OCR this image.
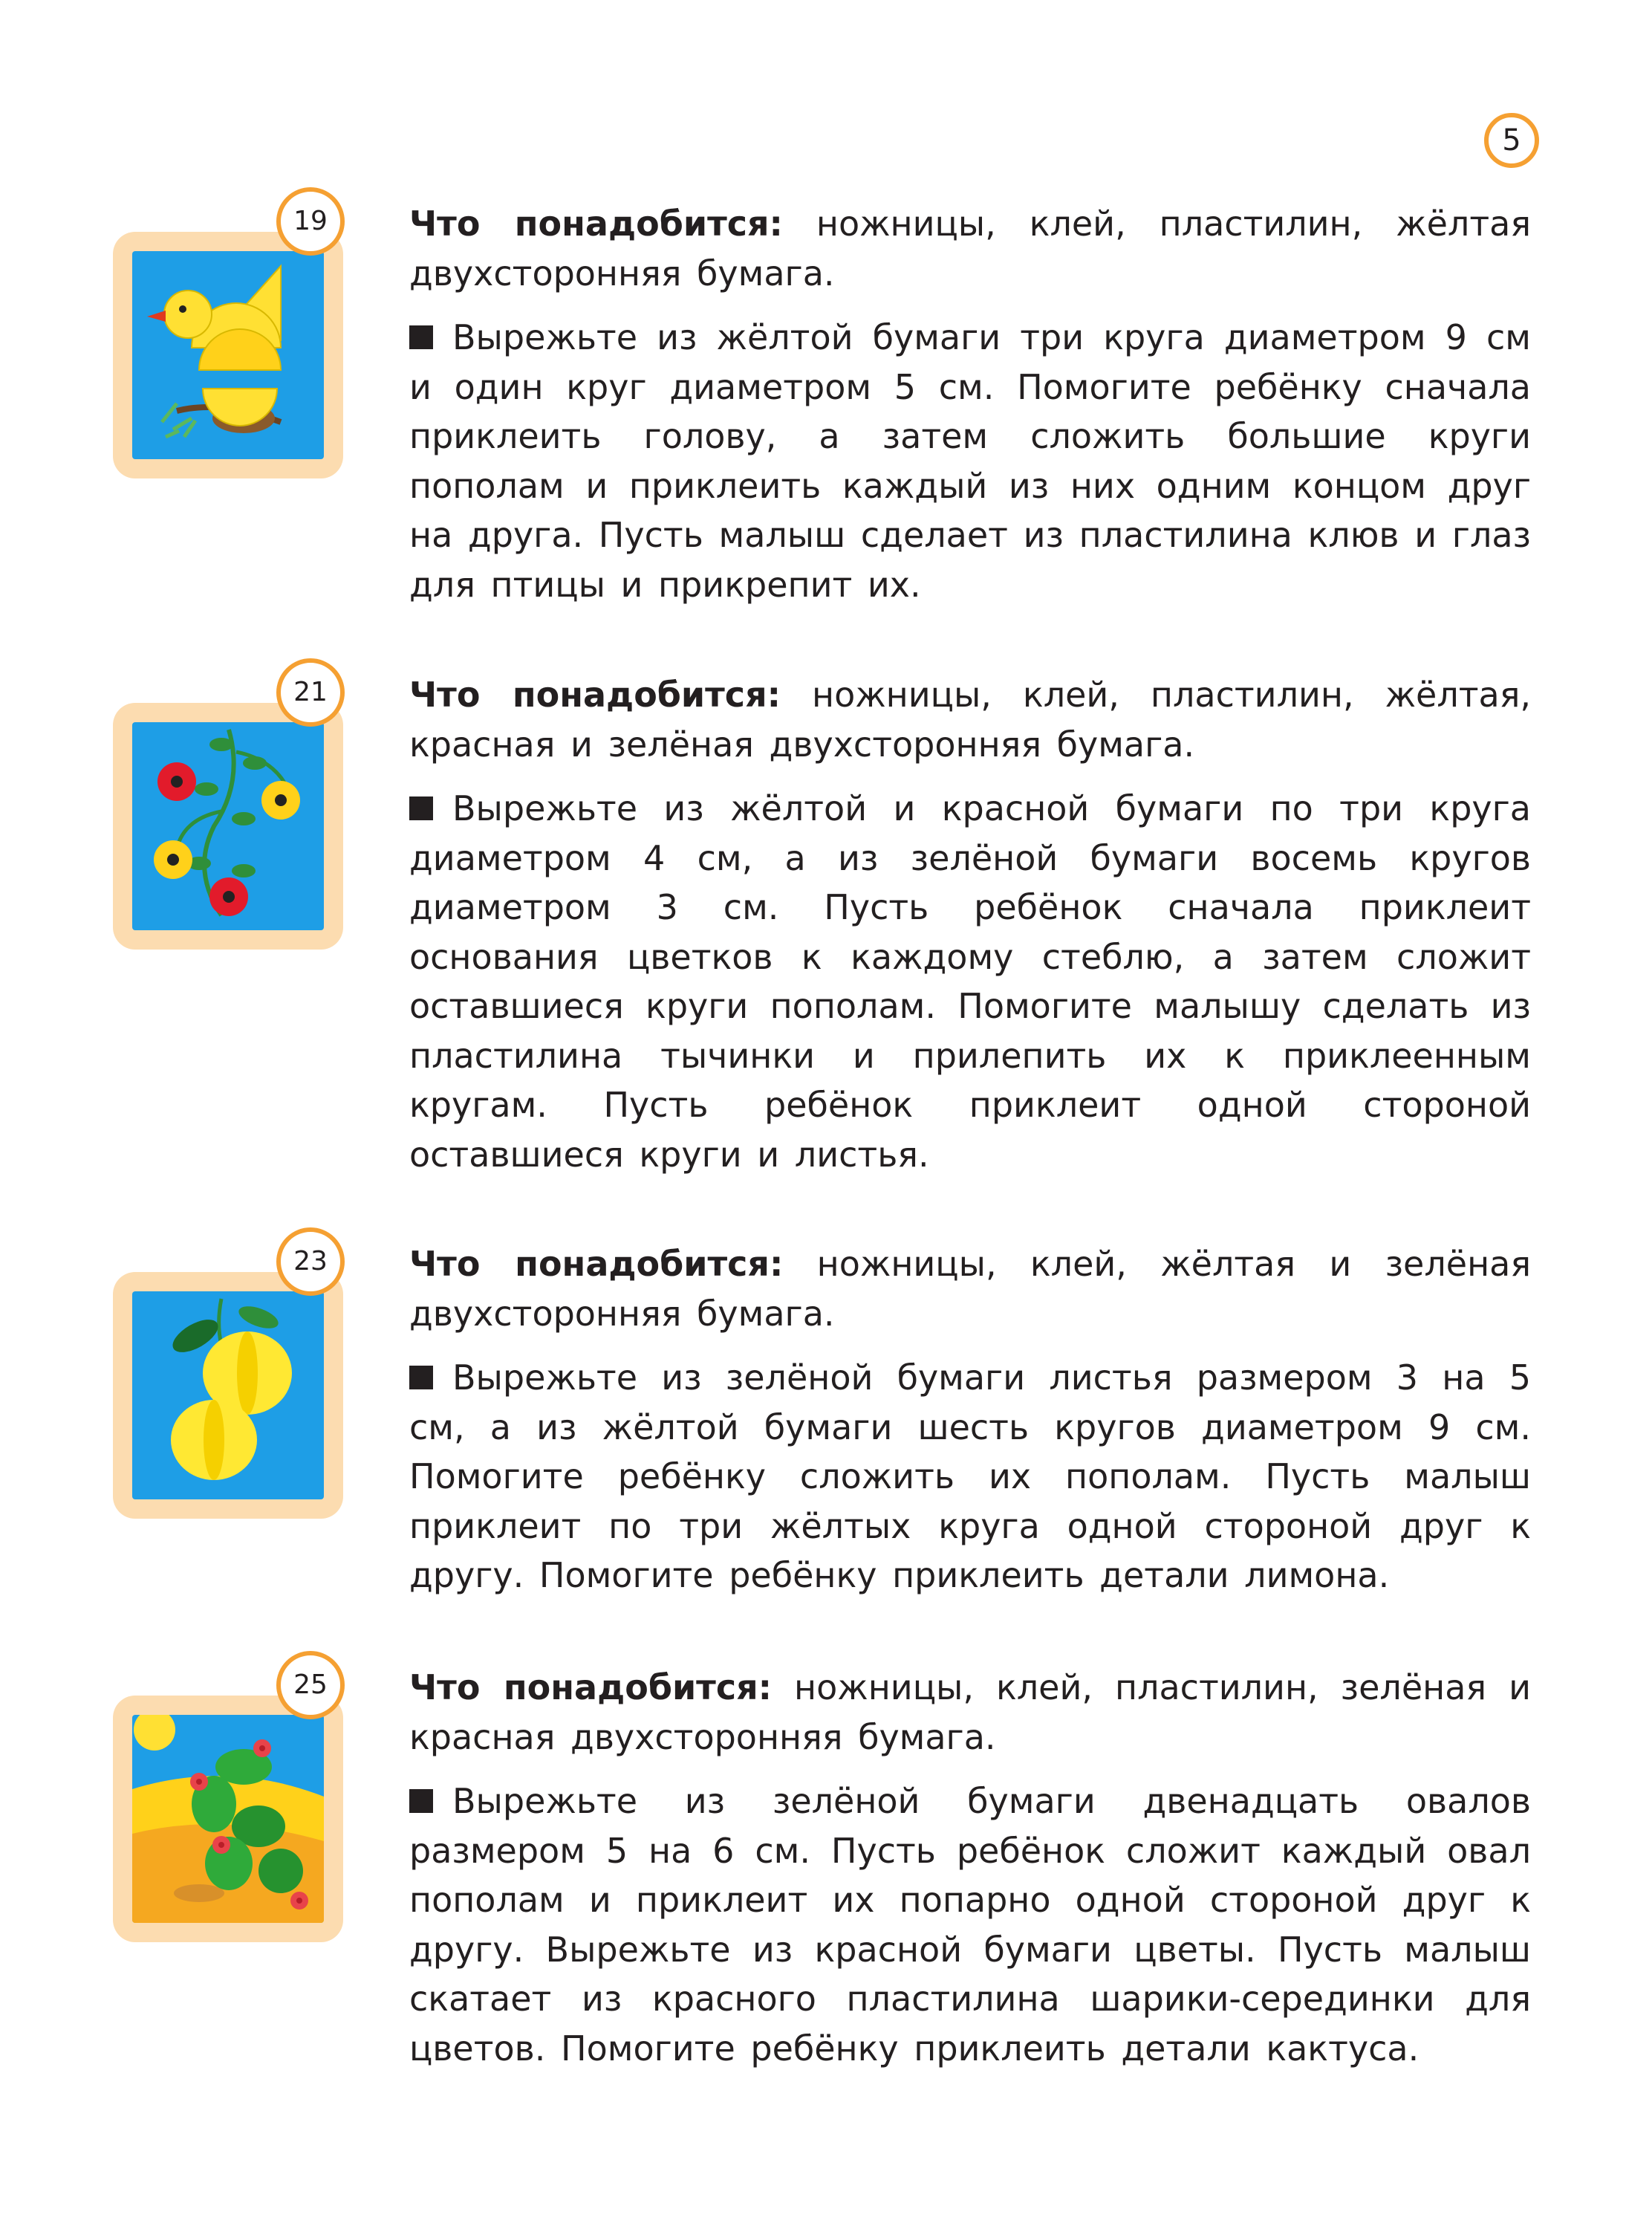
5
19	Что понадобится: ножницы, клей, пластилин, жёлтая двухсторонняя бумага.

Вырежьте из жёлтой бумаги три круга диаметром 9 см и один круг диаметром 5 см. Помогите ребёнку сначала приклеить голову, а затем сложить большие круги пополам и приклеить каждый из них одним концом друг на друга. Пусть малыш сделает из пластилина клюв и глаз для птицы и прикрепит их.

21	Что понадобится: ножницы, клей, пластилин, жёлтая, красная и зелёная двухсторонняя бумага.

Вырежьте из жёлтой и красной бумаги по три круга диаметром 4 см, а из зелёной бумаги восемь кругов диаметром 3 см. Пусть ребёнок сначала приклеит основания цветков к каждому стеблю, а затем сложит оставшиеся круги пополам. Помогите малышу сделать из пластилина тычинки и прилепить их к приклеенным кругам. Пусть ребёнок приклеит одной стороной оставшиеся круги и листья.

23	Что понадобится: ножницы, клей, жёлтая и зелёная двухсторонняя бумага.

Вырежьте из зелёной бумаги листья размером 3 на 5 см, а из жёлтой бумаги шесть кругов диаметром 9 см. Помогите ребёнку сложить их пополам. Пусть малыш приклеит по три жёлтых круга одной стороной друг к другу. Помогите ребёнку приклеить детали лимона.

25	Что понадобится: ножницы, клей, пластилин, зелёная и красная двухсторонняя бумага.

Вырежьте из зелёной бумаги двенадцать овалов размером 5 на 6 см. Пусть ребёнок сложит каждый овал пополам и приклеит их попарно одной стороной друг к другу. Вырежьте из красной бумаги цветы. Пусть малыш скатает из красного пластилина шарики-серединки для цветов. Помогите ребёнку приклеить детали кактуса.
